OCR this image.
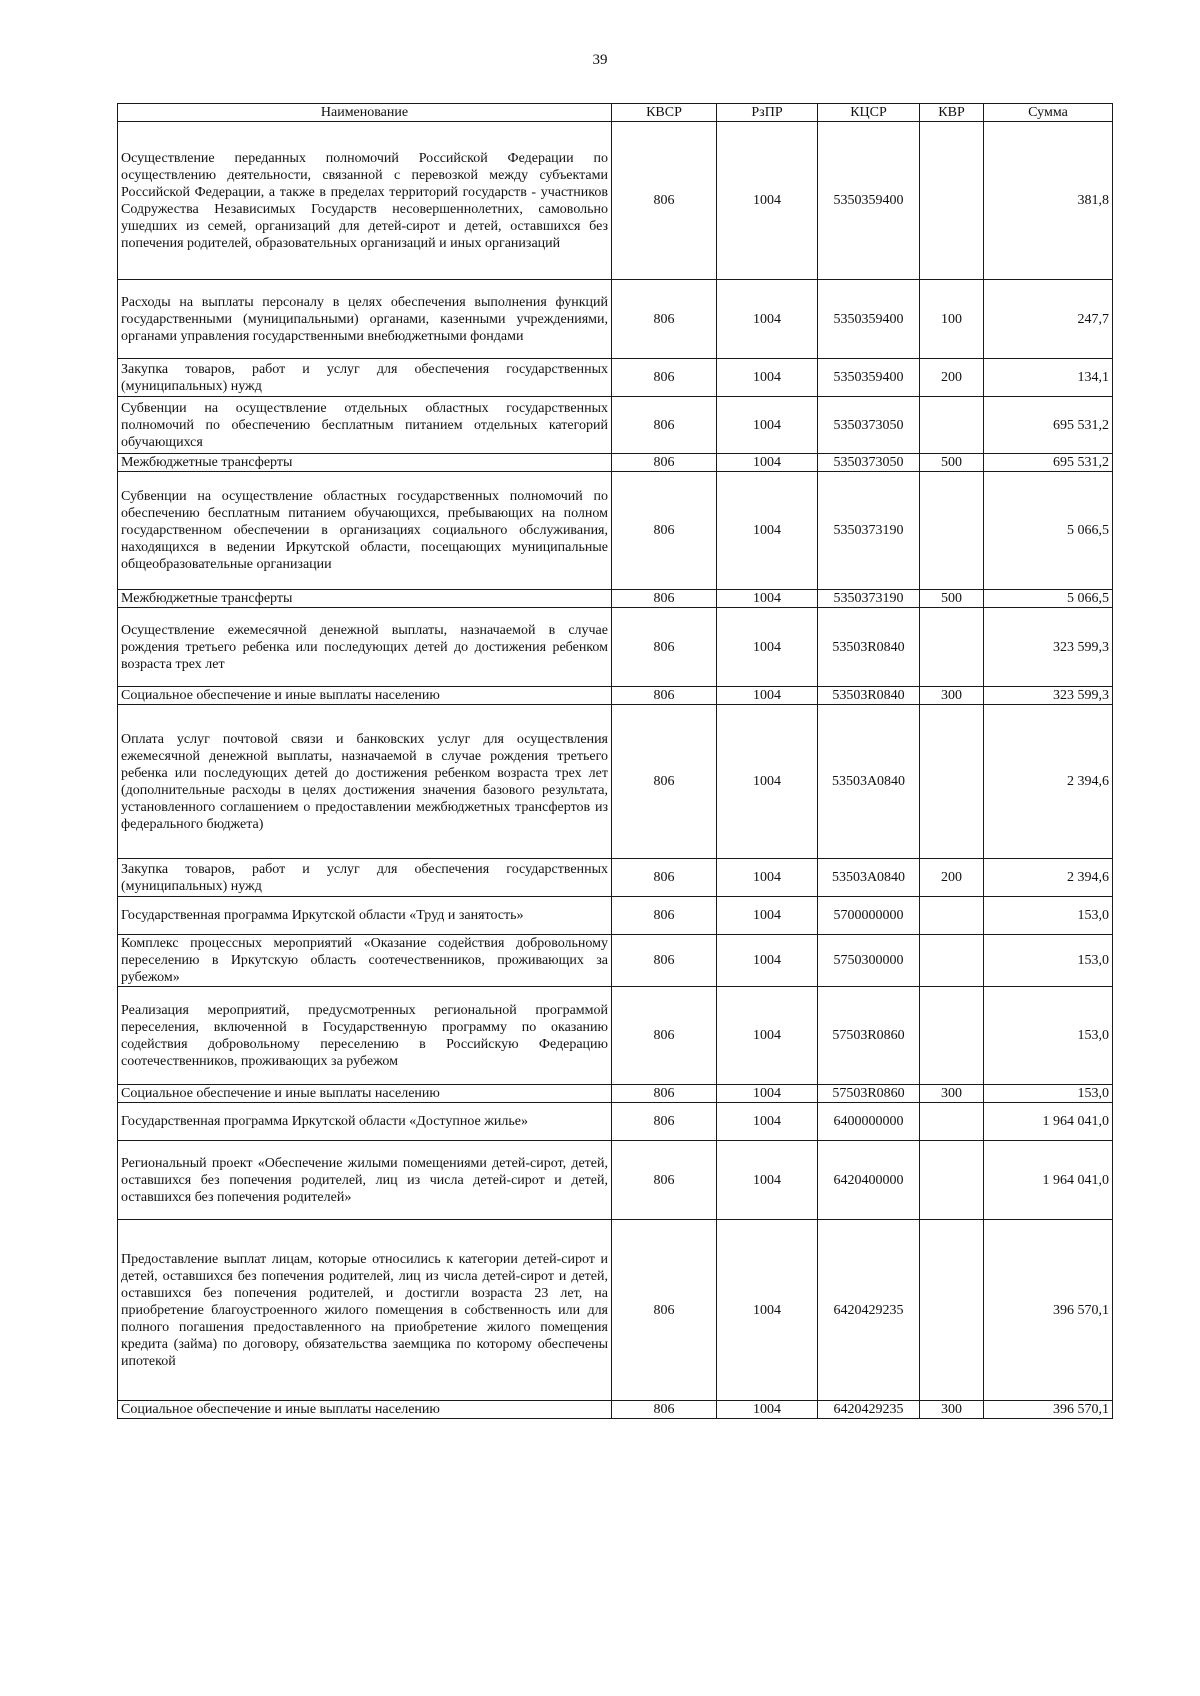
39
Наименование	КВСР	РзПР	КЦСР	КВР	Сумма
Осуществление переданных полномочий Российской Федерации по осуществлению деятельности, связанной с перевозкой между субъектами Российской Федерации, а также в пределах территорий государств - участников Содружества Независимых Государств несовершеннолетних, самовольно ушедших из семей, организаций для детей-сирот и детей, оставшихся без попечения родителей, образовательных организаций и иных организаций	806	1004	5350359400		381,8
Расходы на выплаты персоналу в целях обеспечения выполнения функций государственными (муниципальными) органами, казенными учреждениями, органами управления государственными внебюджетными фондами	806	1004	5350359400	100	247,7
Закупка товаров, работ и услуг для обеспечения государственных (муниципальных) нужд	806	1004	5350359400	200	134,1
Субвенции на осуществление отдельных областных государственных полномочий по обеспечению бесплатным питанием отдельных категорий обучающихся	806	1004	5350373050		695 531,2
Межбюджетные трансферты	806	1004	5350373050	500	695 531,2
Субвенции на осуществление областных государственных полномочий по обеспечению бесплатным питанием обучающихся, пребывающих на полном государственном обеспечении в организациях социального обслуживания, находящихся в ведении Иркутской области, посещающих муниципальные общеобразовательные организации	806	1004	5350373190		5 066,5
Межбюджетные трансферты	806	1004	5350373190	500	5 066,5
Осуществление ежемесячной денежной выплаты, назначаемой в случае рождения третьего ребенка или последующих детей до достижения ребенком возраста трех лет	806	1004	53503R0840		323 599,3
Социальное обеспечение и иные выплаты населению	806	1004	53503R0840	300	323 599,3
Оплата услуг почтовой связи и банковских услуг для осуществления ежемесячной денежной выплаты, назначаемой в случае рождения третьего ребенка или последующих детей до достижения ребенком возраста трех лет (дополнительные расходы в целях достижения значения базового результата, установленного соглашением о предоставлении межбюджетных трансфертов из федерального бюджета)	806	1004	53503A0840		2 394,6
Закупка товаров, работ и услуг для обеспечения государственных (муниципальных) нужд	806	1004	53503A0840	200	2 394,6
Государственная программа Иркутской области «Труд и занятость»	806	1004	5700000000		153,0
Комплекс процессных мероприятий «Оказание содействия добровольному переселению в Иркутскую область соотечественников, проживающих за рубежом»	806	1004	5750300000		153,0
Реализация мероприятий, предусмотренных региональной программой переселения, включенной в Государственную программу по оказанию содействия добровольному переселению в Российскую Федерацию соотечественников, проживающих за рубежом	806	1004	57503R0860		153,0
Социальное обеспечение и иные выплаты населению	806	1004	57503R0860	300	153,0
Государственная программа Иркутской области «Доступное жилье»	806	1004	6400000000		1 964 041,0
Региональный проект «Обеспечение жилыми помещениями детей-сирот, детей, оставшихся без попечения родителей, лиц из числа детей-сирот и детей, оставшихся без попечения родителей»	806	1004	6420400000		1 964 041,0
Предоставление выплат лицам, которые относились к категории детей-сирот и детей, оставшихся без попечения родителей, лиц из числа детей-сирот и детей, оставшихся без попечения родителей, и достигли возраста 23 лет, на приобретение благоустроенного жилого помещения в собственность или для полного погашения предоставленного на приобретение жилого помещения кредита (займа) по договору, обязательства заемщика по которому обеспечены ипотекой	806	1004	6420429235		396 570,1
Социальное обеспечение и иные выплаты населению	806	1004	6420429235	300	396 570,1
